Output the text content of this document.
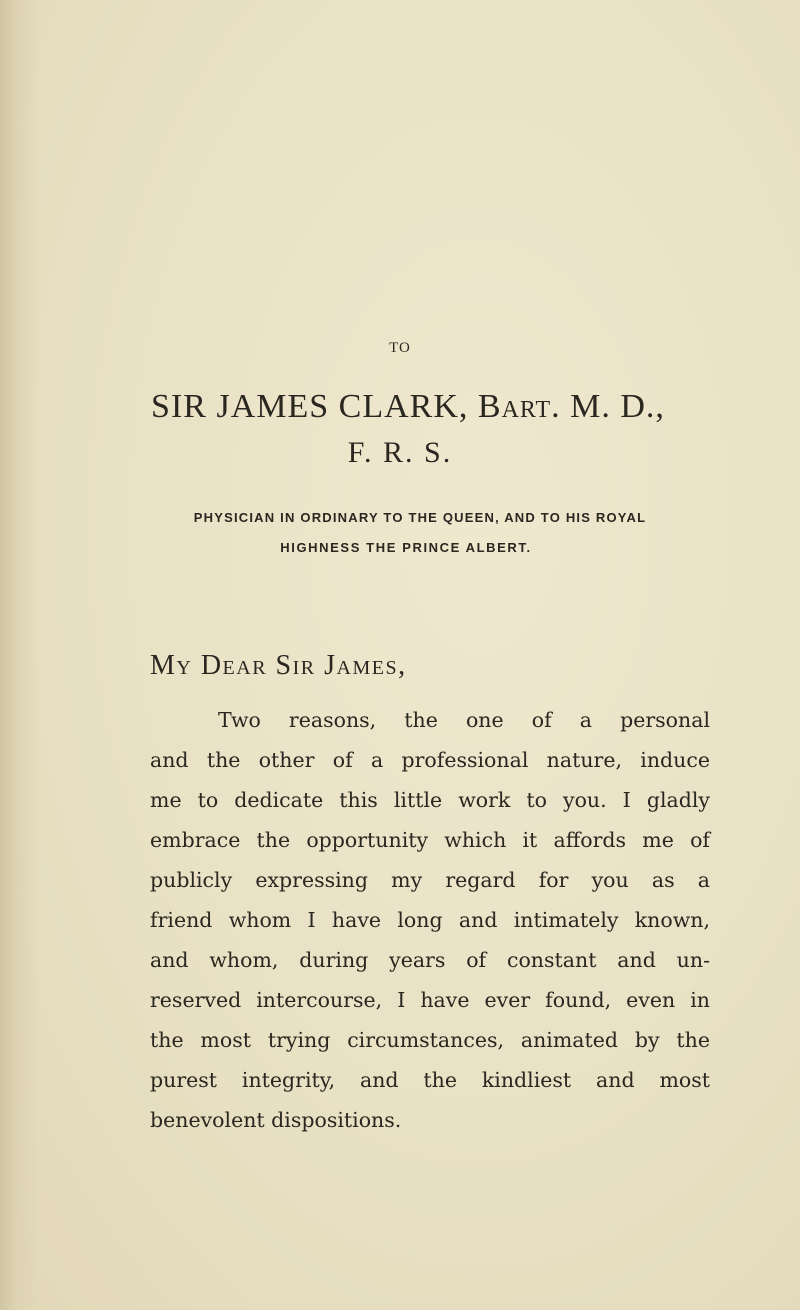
TO
SIR JAMES CLARK, Bart. M. D.,
F. R. S.
PHYSICIAN IN ORDINARY TO THE QUEEN, AND TO HIS ROYAL
HIGHNESS THE PRINCE ALBERT.
My Dear Sir James,
Two reasons, the one of a personal
and the other of a professional nature, induce
me to dedicate this little work to you. I gladly
embrace the opportunity which it affords me of
publicly expressing my regard for you as a
friend whom I have long and intimately known,
and whom, during years of constant and un-
reserved intercourse, I have ever found, even in
the most trying circumstances, animated by the
purest integrity, and the kindliest and most
benevolent dispositions.
